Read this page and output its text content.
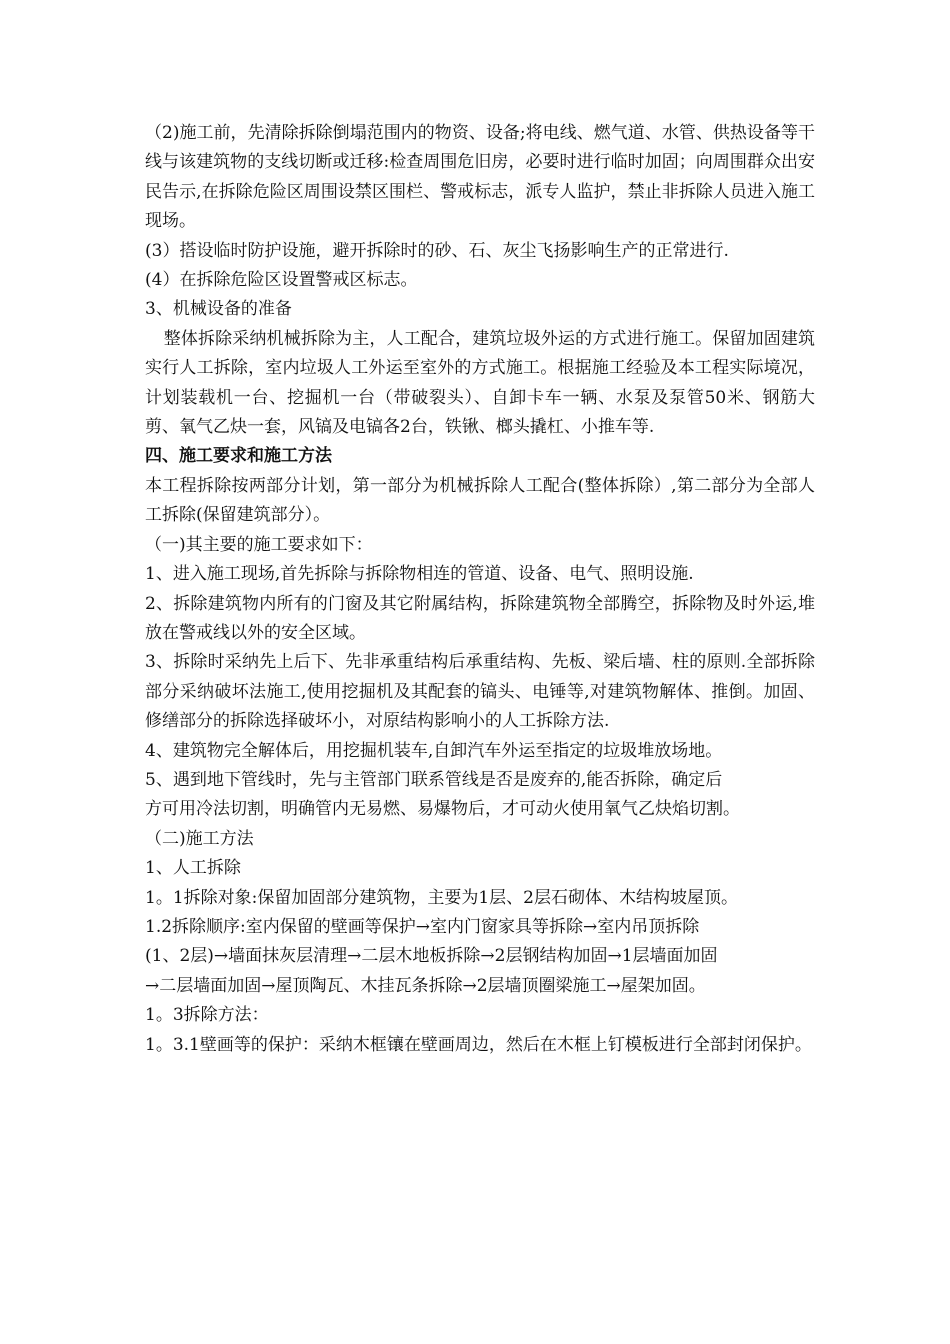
（2)施工前，先清除拆除倒塌范围内的物资、设备;将电线、燃气道、水管、供热设备等干线与该建筑物的支线切断或迁移:检查周围危旧房，必要时进行临时加固；向周围群众出安民告示,在拆除危险区周围设禁区围栏、警戒标志，派专人监护，禁止非拆除人员进入施工现场。

(3）搭设临时防护设施，避开拆除时的砂、石、灰尘飞扬影响生产的正常进行.

(4）在拆除危险区设置警戒区标志。

3、机械设备的准备

整体拆除采纳机械拆除为主，人工配合，建筑垃圾外运的方式进行施工。保留加固建筑实行人工拆除，室内垃圾人工外运至室外的方式施工。根据施工经验及本工程实际境况，计划装载机一台、挖掘机一台（带破裂头）、自卸卡车一辆、水泵及泵管50米、钢筋大剪、氧气乙炔一套，风镐及电镐各2台，铁锹、榔头撬杠、小推车等.

四、施工要求和施工方法

本工程拆除按两部分计划，第一部分为机械拆除人工配合(整体拆除）,第二部分为全部人工拆除(保留建筑部分）。

（一)其主要的施工要求如下：

1、进入施工现场,首先拆除与拆除物相连的管道、设备、电气、照明设施.

2、拆除建筑物内所有的门窗及其它附属结构，拆除建筑物全部腾空，拆除物及时外运,堆放在警戒线以外的安全区域。

3、拆除时采纳先上后下、先非承重结构后承重结构、先板、梁后墙、柱的原则.全部拆除部分采纳破坏法施工,使用挖掘机及其配套的镐头、电锤等,对建筑物解体、推倒。加固、修缮部分的拆除选择破坏小，对原结构影响小的人工拆除方法.

4、建筑物完全解体后，用挖掘机装车,自卸汽车外运至指定的垃圾堆放场地。

5、遇到地下管线时，先与主管部门联系管线是否是废弃的,能否拆除，确定后

方可用冷法切割，明确管内无易燃、易爆物后，才可动火使用氧气乙炔焰切割。

（二)施工方法

1、人工拆除

1。1拆除对象:保留加固部分建筑物，主要为1层、2层石砌体、木结构坡屋顶。

1.2拆除顺序:室内保留的壁画等保护→室内门窗家具等拆除→室内吊顶拆除

(1、2层)→墙面抹灰层清理→二层木地板拆除→2层钢结构加固→1层墙面加固

→二层墙面加固→屋顶陶瓦、木挂瓦条拆除→2层墙顶圈梁施工→屋架加固。

1。3拆除方法：

1。3.1壁画等的保护：采纳木框镶在壁画周边，然后在木框上钉模板进行全部封闭保护。
